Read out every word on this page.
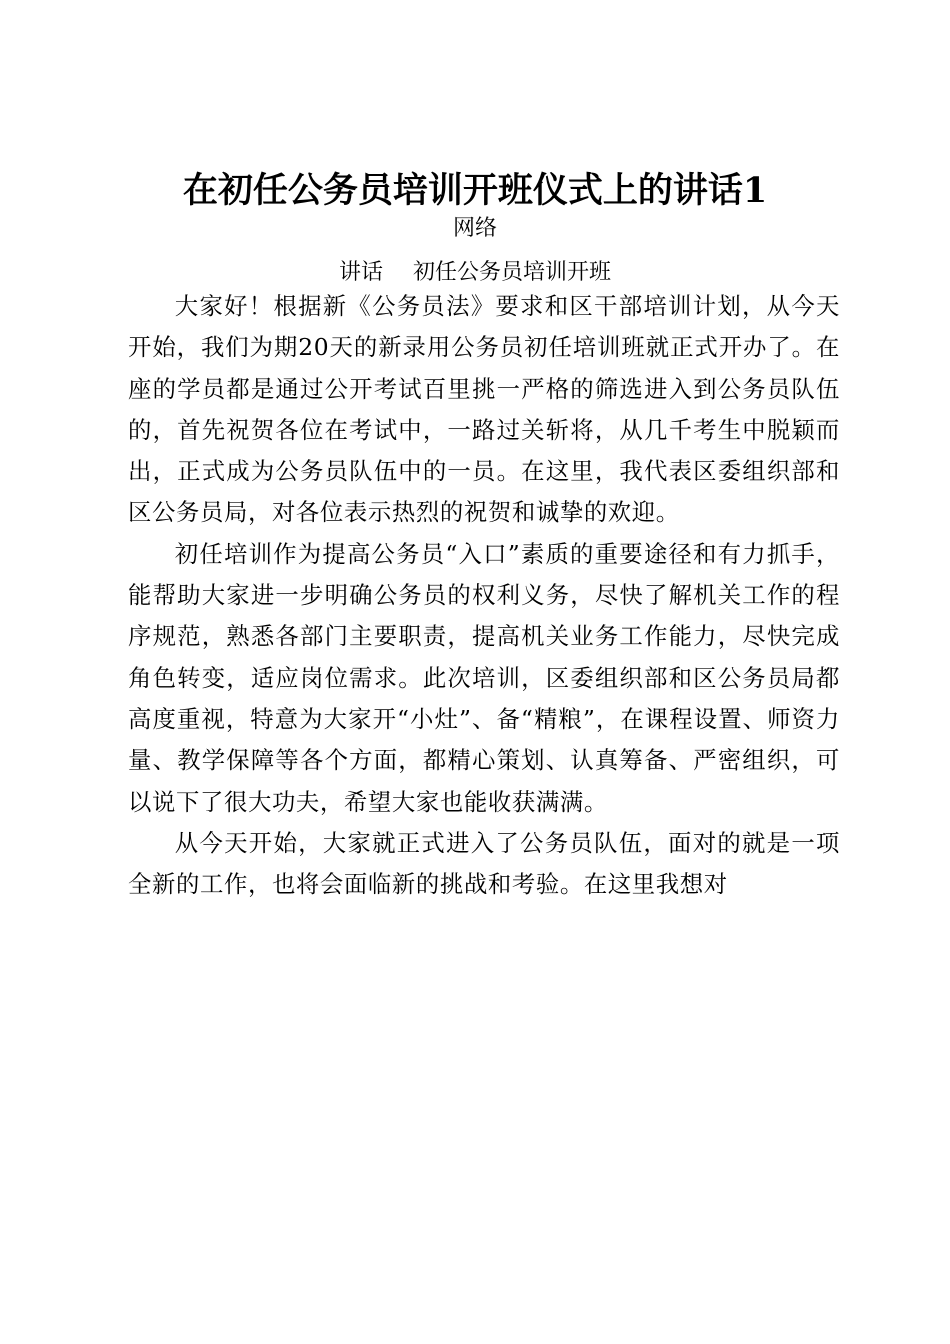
在初任公务员培训开班仪式上的讲话1
网络
讲话 初任公务员培训开班

大家好！根据新《公务员法》要求和区干部培训计划，从今天开始，我们为期20天的新录用公务员初任培训班就正式开办了。在座的学员都是通过公开考试百里挑一严格的筛选进入到公务员队伍的，首先祝贺各位在考试中，一路过关斩将，从几千考生中脱颖而出，正式成为公务员队伍中的一员。在这里，我代表区委组织部和区公务员局，对各位表示热烈的祝贺和诚挚的欢迎。

初任培训作为提高公务员“入口”素质的重要途径和有力抓手，能帮助大家进一步明确公务员的权利义务，尽快了解机关工作的程序规范，熟悉各部门主要职责，提高机关业务工作能力，尽快完成角色转变，适应岗位需求。此次培训，区委组织部和区公务员局都高度重视，特意为大家开“小灶”、备“精粮”，在课程设置、师资力量、教学保障等各个方面，都精心策划、认真筹备、严密组织，可以说下了很大功夫，希望大家也能收获满满。

从今天开始，大家就正式进入了公务员队伍，面对的就是一项全新的工作，也将会面临新的挑战和考验。在这里我想对
